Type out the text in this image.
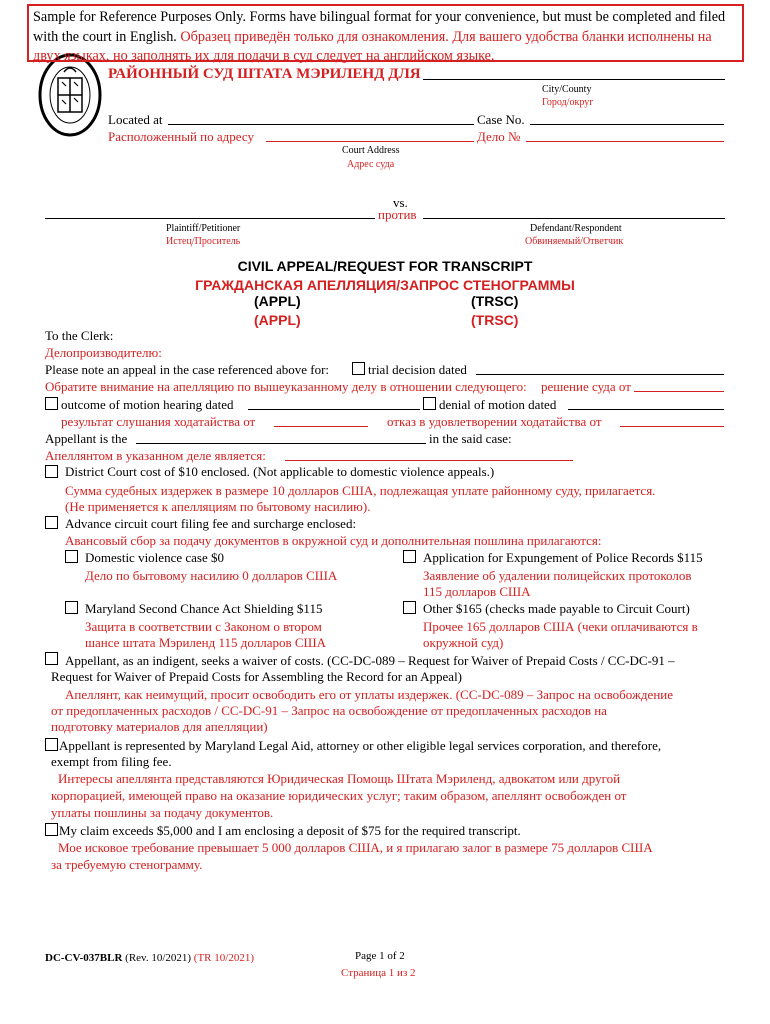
Sample for Reference Purposes Only. Forms have bilingual format for your convenience, but must be completed and filed with the court in English. Образец приведён только для ознакомления. Для вашего удобства бланки исполнены на двух языках, но заполнять их для подачи в суд следует на английском языке.
РАЙОННЫЙ СУД ШТАТА МЭРИЛЕНД ДЛЯ
City/County
Город/округ
Located at	Case No.
Расположенный по адресу	Дело №
Court Address
Адрес суда
vs.
против
Plaintiff/Petitioner
Истец/Проситель
Defendant/Respondent
Обвиняемый/Ответчик
CIVIL APPEAL/REQUEST FOR TRANSCRIPT
ГРАЖДАНСКАЯ АПЕЛЛЯЦИЯ/ЗАПРОС СТЕНОГРАММЫ
(APPL)	(TRSC)
(APPL)	(TRSC)
To the Clerk:
Делопроизводителю:
Please note an appeal in the case referenced above for:	trial decision dated
Обратите внимание на апелляцию по вышеуказанному делу в отношении следующего: решение суда от
outcome of motion hearing dated	denial of motion dated
результат слушания ходатайства от	отказ в удовлетворении ходатайства от
Appellant is the	in the said case:
Апеллянтом в указанном деле является:
District Court cost of $10 enclosed. (Not applicable to domestic violence appeals.)
Сумма судебных издержек в размере 10 долларов США, подлежащая уплате районному суду, прилагается.
(Не применяется к апелляциям по бытовому насилию).
Advance circuit court filing fee and surcharge enclosed:
Авансовый сбор за подачу документов в окружной суд и дополнительная пошлина прилагаются:
Domestic violence case $0
Дело по бытовому насилию 0 долларов США
Application for Expungement of Police Records $115
Заявление об удалении полицейских протоколов
115 долларов США
Maryland Second Chance Act Shielding $115
Защита в соответствии с Законом о втором
шансе штата Мэриленд 115 долларов США
Other $165 (checks made payable to Circuit Court)
Прочее 165 долларов США (чеки оплачиваются в
окружной суд)
Appellant, as an indigent, seeks a waiver of costs. (CC-DC-089 – Request for Waiver of Prepaid Costs / CC-DC-91 –
Request for Waiver of Prepaid Costs for Assembling the Record for an Appeal)
Апеллянт, как неимущий, просит освободить его от уплаты издержек. (CC-DC-089 – Запрос на освобождение
от предоплаченных расходов / CC-DC-91 – Запрос на освобождение от предоплаченных расходов на
подготовку материалов для апелляции)
Appellant is represented by Maryland Legal Aid, attorney or other eligible legal services corporation, and therefore,
exempt from filing fee.
Интересы апеллянта представляются Юридическая Помощь Штата Мэриленд, адвокатом или другой
корпорацией, имеющей право на оказание юридических услуг; таким образом, апеллянт освобожден от
уплаты пошлины за подачу документов.
My claim exceeds $5,000 and I am enclosing a deposit of $75 for the required transcript.
Мое исковое требование превышает 5 000 долларов США, и я прилагаю залог в размере 75 долларов США
за требуемую стенограмму.
DC-CV-037BLR (Rev. 10/2021) (TR 10/2021)	Page 1 of 2
Страница 1 из 2
